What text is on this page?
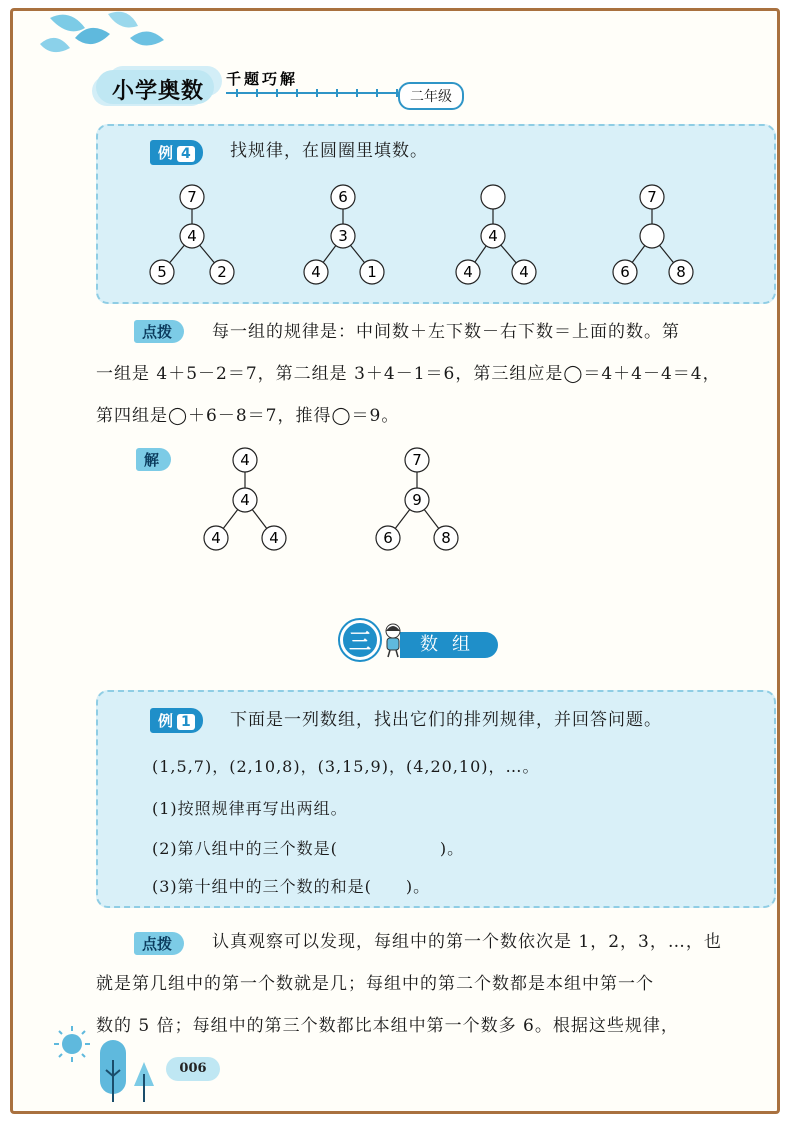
小学奥数 千题巧解
二年级
例 4	找规律，在圆圈里填数。
7
4
5	2
6
3
4	1
4
4	4
7
6	8
点拨	每一组的规律是：中间数＋左下数－右下数＝上面的数。第
一组是 4＋5－2＝7，第二组是 3＋4－1＝6，第三组应是◯＝4＋4－4＝4，
第四组是◯＋6－8＝7，推得◯＝9。
解	4
4
4	4
7
9
6	8
数组
三
例 1	下面是一列数组，找出它们的排列规律，并回答问题。
(1,5,7)，(2,10,8)，(3,15,9)，(4,20,10)，…。
(1)按照规律再写出两组。
(2)第八组中的三个数是(　　　　　　)。
(3)第十组中的三个数的和是(　　)。
点拨	认真观察可以发现，每组中的第一个数依次是 1，2，3，…，也
就是第几组中的第一个数就是几；每组中的第二个数都是本组中第一个
数的 5 倍；每组中的第三个数都比本组中第一个数多 6。根据这些规律，
006
